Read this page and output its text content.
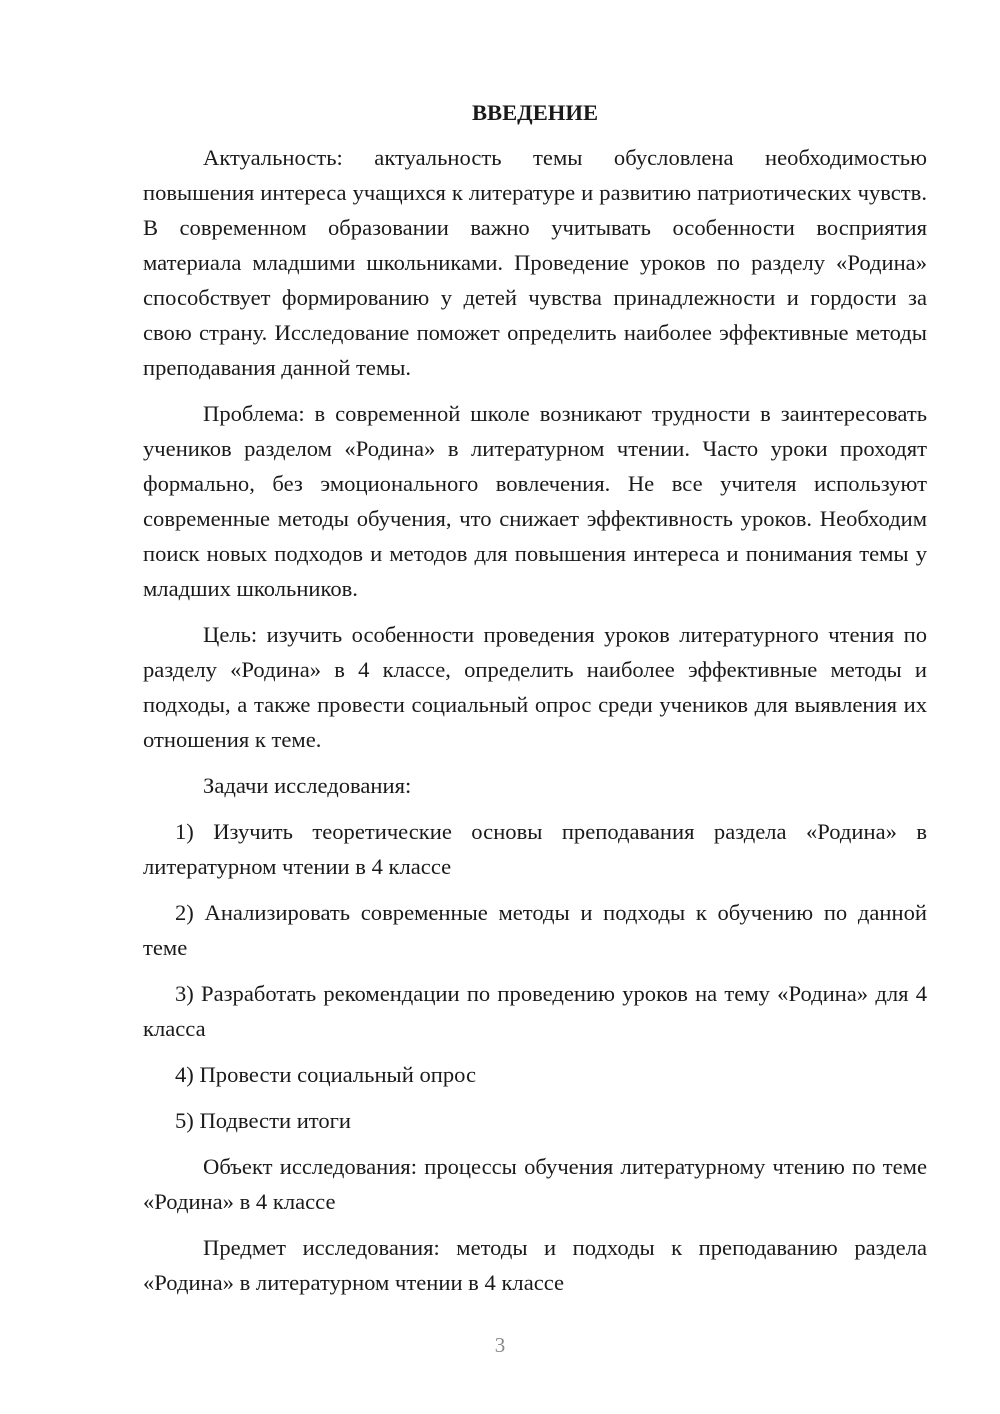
ВВЕДЕНИЕ

Актуальность: актуальность темы обусловлена необходимостью повышения интереса учащихся к литературе и развитию патриотических чувств. В современном образовании важно учитывать особенности восприятия материала младшими школьниками. Проведение уроков по разделу «Родина» способствует формированию у детей чувства принадлежности и гордости за свою страну. Исследование поможет определить наиболее эффективные методы преподавания данной темы.

Проблема: в современной школе возникают трудности в заинтересовать учеников разделом «Родина» в литературном чтении. Часто уроки проходят формально, без эмоционального вовлечения. Не все учителя используют современные методы обучения, что снижает эффективность уроков. Необходим поиск новых подходов и методов для повышения интереса и понимания темы у младших школьников.

Цель: изучить особенности проведения уроков литературного чтения по разделу «Родина» в 4 классе, определить наиболее эффективные методы и подходы, а также провести социальный опрос среди учеников для выявления их отношения к теме.

Задачи исследования:

1) Изучить теоретические основы преподавания раздела «Родина» в литературном чтении в 4 классе

2) Анализировать современные методы и подходы к обучению по данной теме

3) Разработать рекомендации по проведению уроков на тему «Родина» для 4 класса

4) Провести социальный опрос

5) Подвести итоги

Объект исследования: процессы обучения литературному чтению по теме «Родина» в 4 классе

Предмет исследования: методы и подходы к преподаванию раздела «Родина» в литературном чтении в 4 классе

3
